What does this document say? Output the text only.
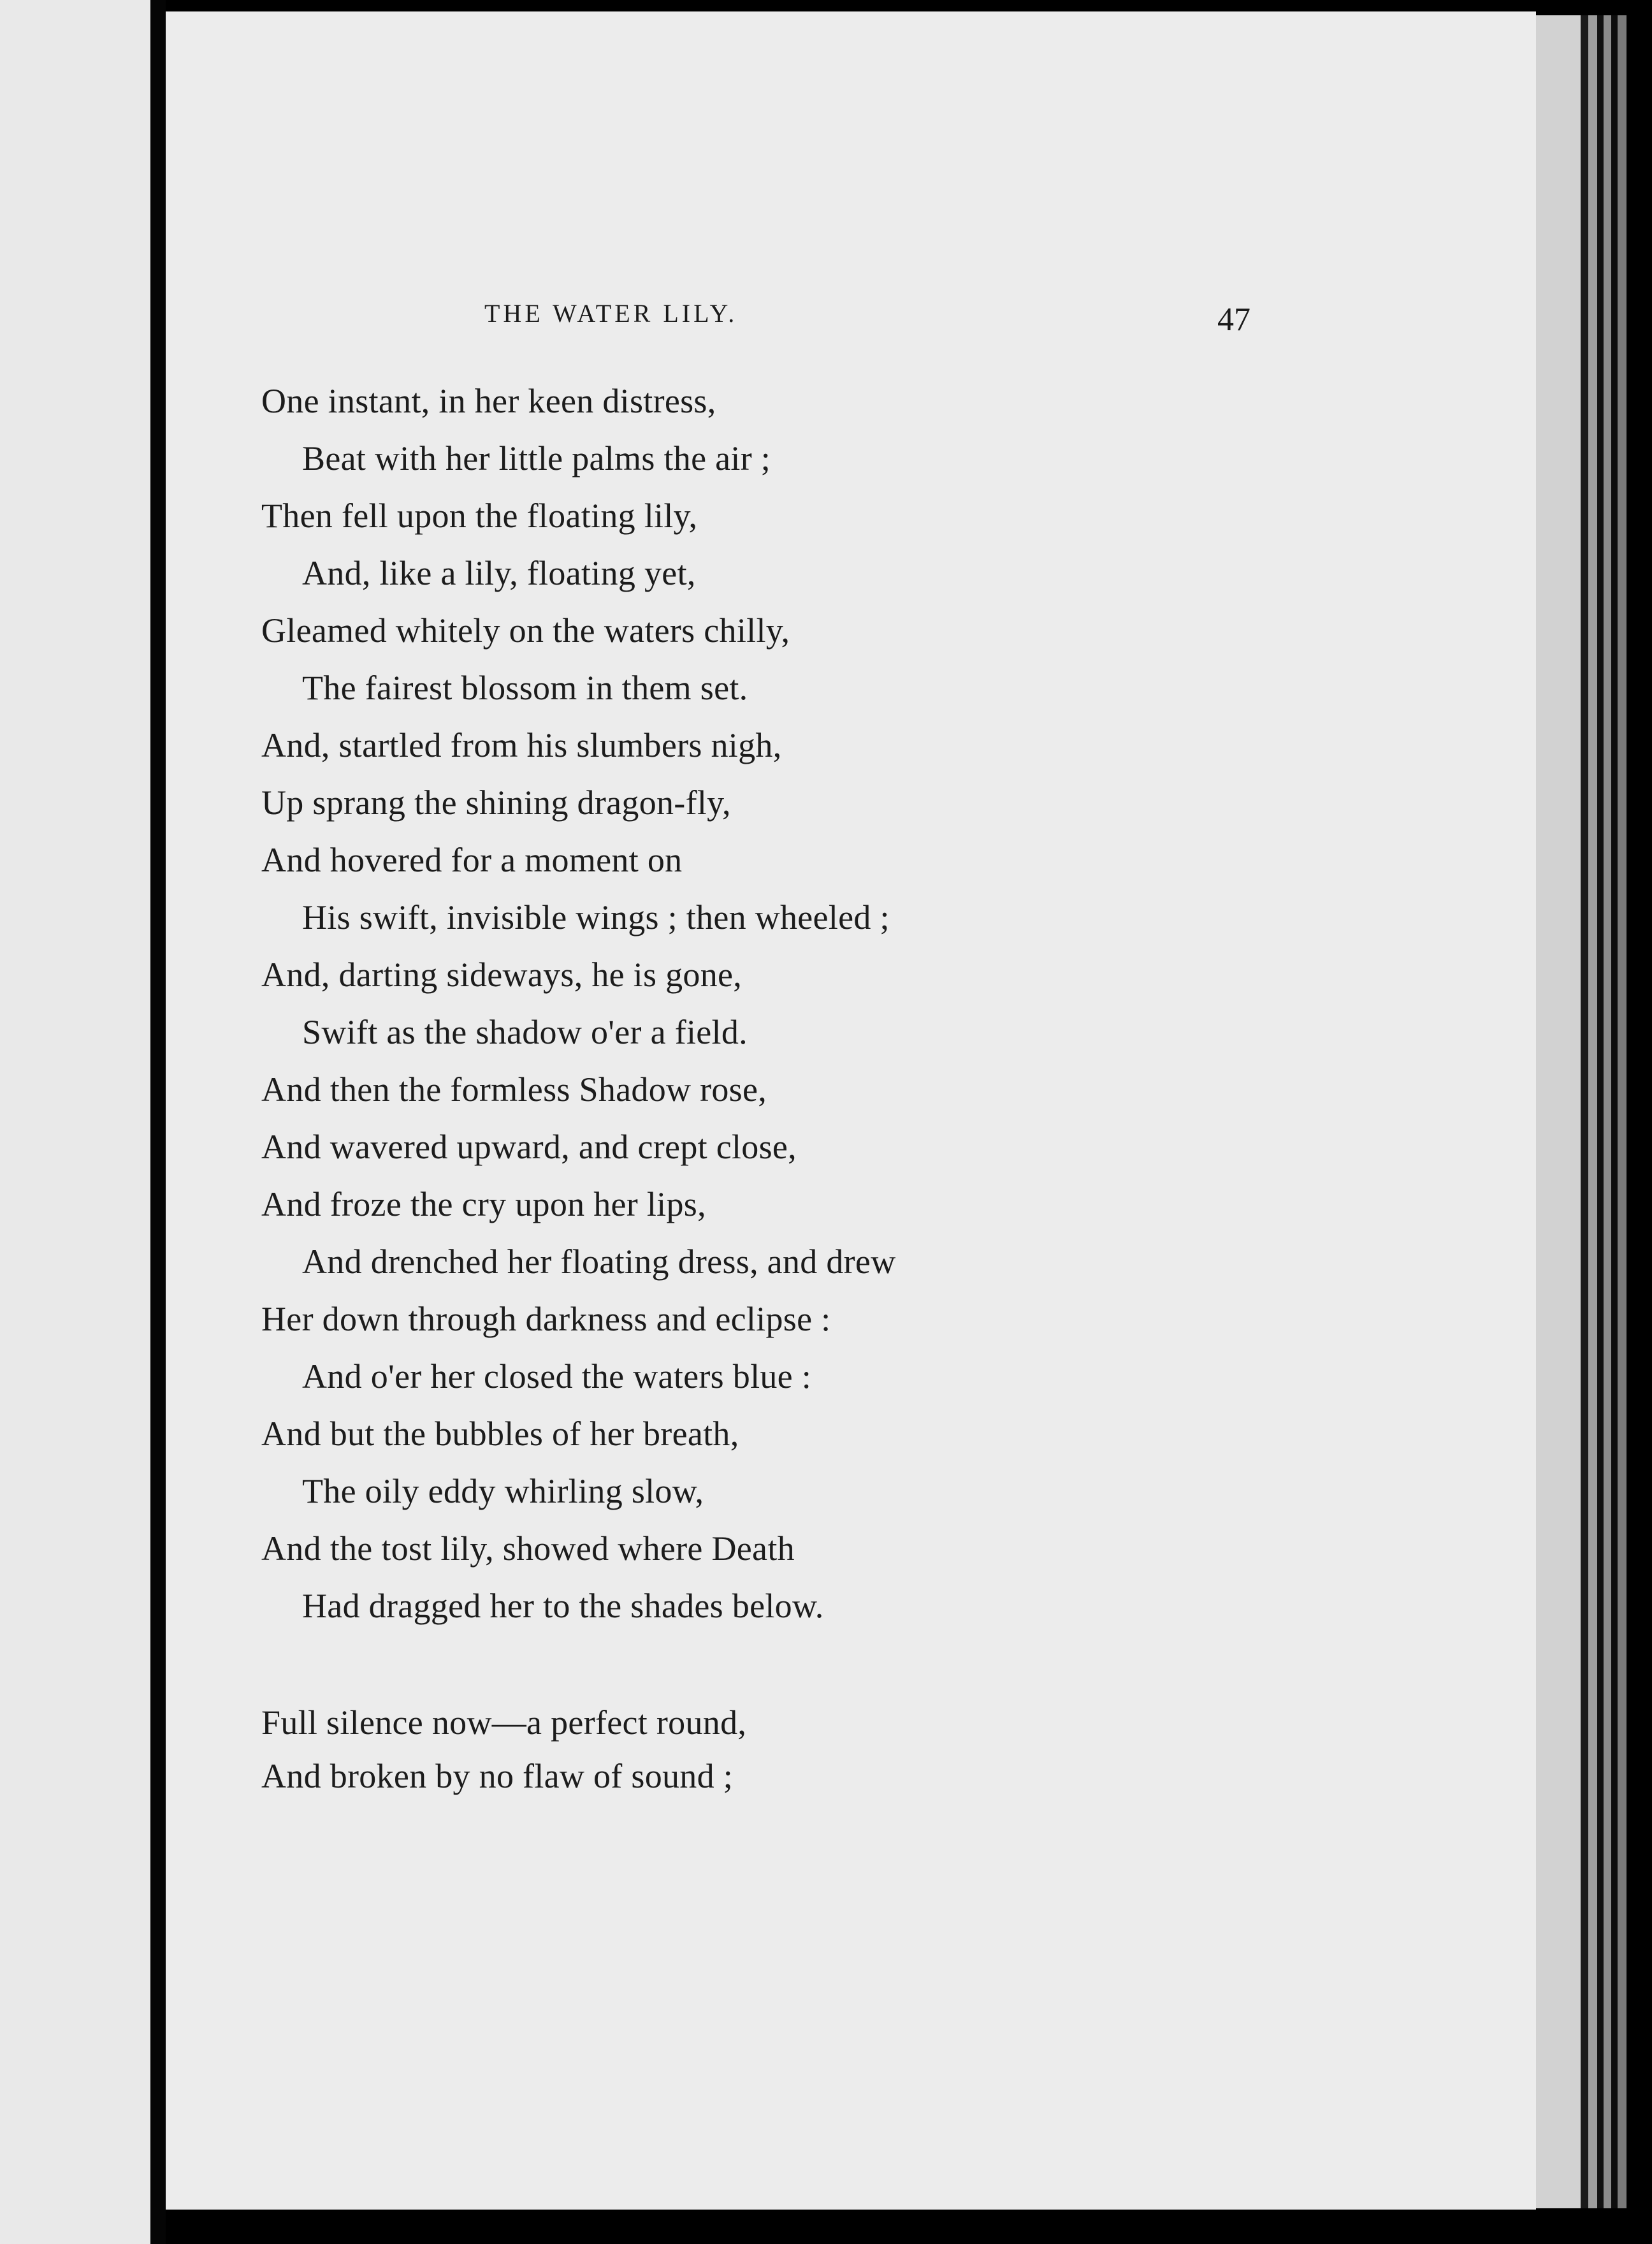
THE WATER LILY.	47
One instant, in her keen distress,
Beat with her little palms the air ;
Then fell upon the floating lily,
And, like a lily, floating yet,
Gleamed whitely on the waters chilly,
The fairest blossom in them set.
And, startled from his slumbers nigh,
Up sprang the shining dragon-fly,
And hovered for a moment on
His swift, invisible wings ; then wheeled ;
And, darting sideways, he is gone,
Swift as the shadow o'er a field.
And then the formless Shadow rose,
And wavered upward, and crept close,
And froze the cry upon her lips,
And drenched her floating dress, and drew
Her down through darkness and eclipse :
And o'er her closed the waters blue :
And but the bubbles of her breath,
The oily eddy whirling slow,
And the tost lily, showed where Death
Had dragged her to the shades below.
Full silence now—a perfect round,
And broken by no flaw of sound ;
